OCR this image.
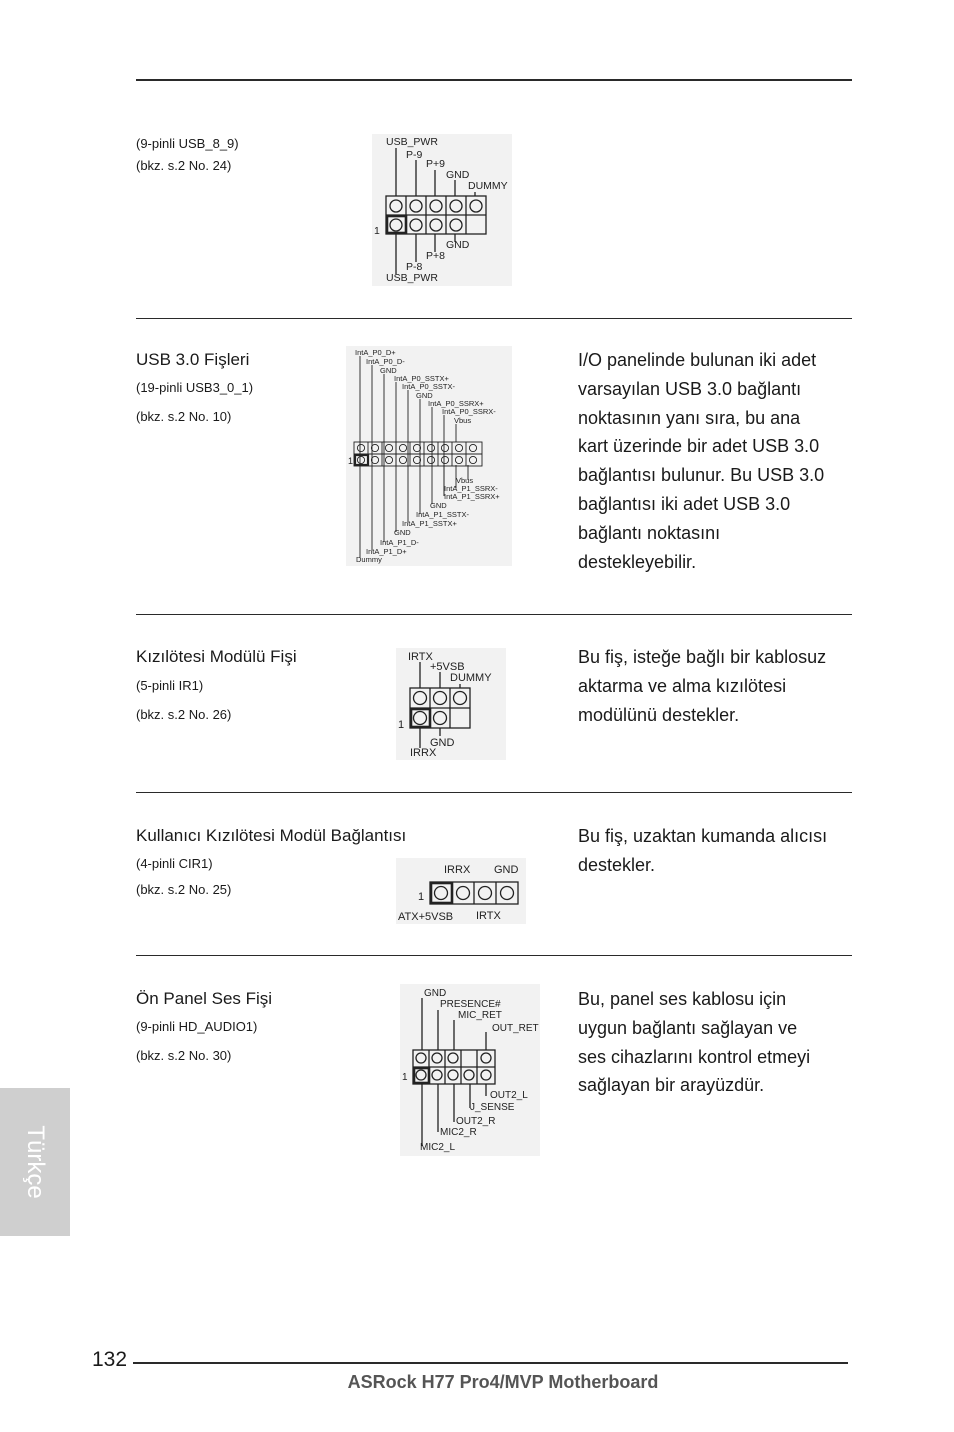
(9-pinli USB_8_9)
(bkz. s.2 No. 24)
USB_PWR
P-9
P+9
GND
DUMMY
1
GND
P+8
P-8
USB_PWR
USB 3.0 Fişleri
(19-pinli USB3_0_1)
(bkz. s.2 No. 10)
IntA_P0_D+
IntA_P0_D-
GND
IntA_P0_SSTX+
IntA_P0_SSTX-
GND
IntA_P0_SSRX+
IntA_P0_SSRX-
Vbus
Vbus
IntA_P1_SSRX-
IntA_P1_SSRX+
GND
IntA_P1_SSTX-
IntA_P1_SSTX+
GND
IntA_P1_D-
IntA_P1_D+
Dummy
1
I/O panelinde bulunan iki adet
varsayılan USB 3.0 bağlantı
noktasının yanı sıra, bu ana
kart üzerinde bir adet USB 3.0
bağlantısı bulunur. Bu USB 3.0
bağlantısı iki adet USB 3.0
bağlantı noktasını
destekleyebilir.
Kızılötesi Modülü Fişi
(5-pinli IR1)
(bkz. s.2 No. 26)
IRTX
+5VSB
DUMMY
1
GND
IRRX
Bu fiş, isteğe bağlı bir kablosuz
aktarma ve alma kızılötesi
modülünü destekler.
Kullanıcı Kızılötesi Modül Bağlantısı
(4-pinli CIR1)
(bkz. s.2 No. 25)
IRRX GND
1
ATX+5VSB IRTX
Bu fiş, uzaktan kumanda alıcısı
destekler.
Ön Panel Ses Fişi
(9-pinli HD_AUDIO1)
(bkz. s.2 No. 30)
GND
PRESENCE#
MIC_RET
OUT_RET
1
OUT2_L
J_SENSE
OUT2_R
MIC2_R
MIC2_L
Bu, panel ses kablosu için
uygun bağlantı sağlayan ve
ses cihazlarını kontrol etmeyi
sağlayan bir arayüzdür.
Türkçe
132
ASRock H77 Pro4/MVP Motherboard
